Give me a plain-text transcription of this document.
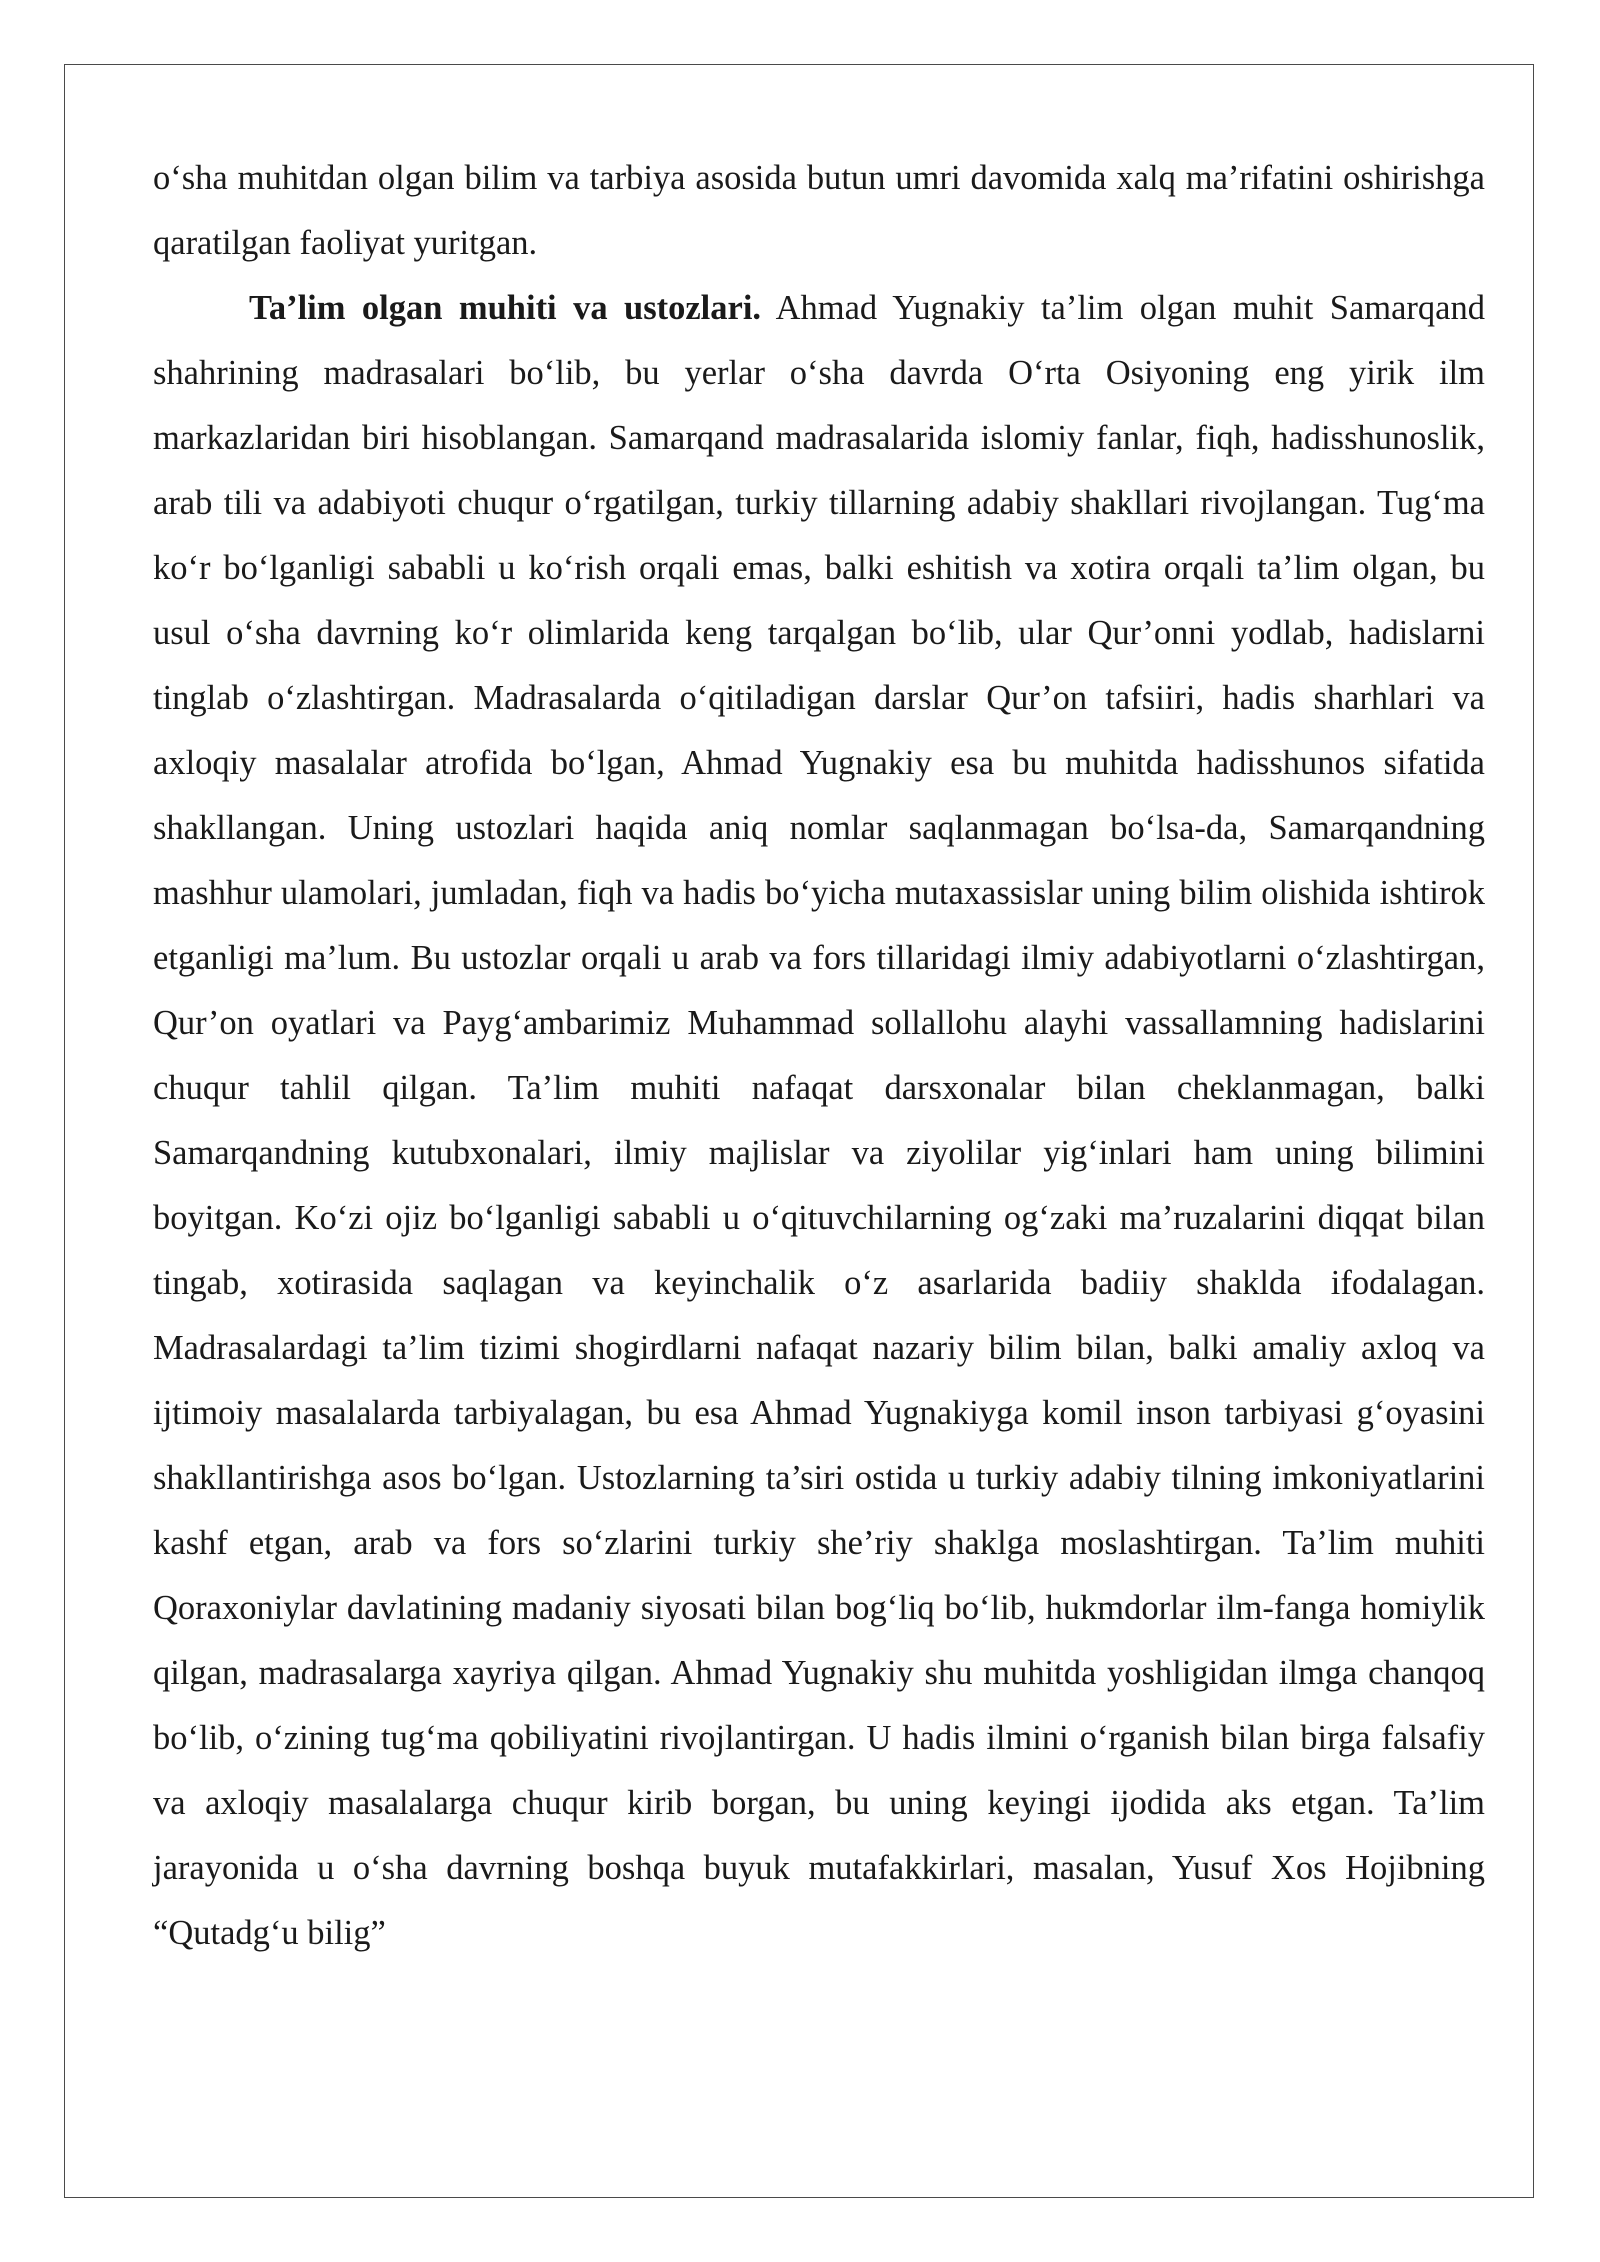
o‘sha muhitdan olgan bilim va tarbiya asosida butun umri davomida xalq ma’rifatini oshirishga qaratilgan faoliyat yuritgan.

Ta’lim olgan muhiti va ustozlari. Ahmad Yugnakiy ta’lim olgan muhit Samarqand shahrining madrasalari bo‘lib, bu yerlar o‘sha davrda O‘rta Osiyoning eng yirik ilm markazlaridan biri hisoblangan. Samarqand madrasalarida islomiy fanlar, fiqh, hadisshunoslik, arab tili va adabiyoti chuqur o‘rgatilgan, turkiy tillarning adabiy shakllari rivojlangan. Tug‘ma ko‘r bo‘lganligi sababli u ko‘rish orqali emas, balki eshitish va xotira orqali ta’lim olgan, bu usul o‘sha davrning ko‘r olimlarida keng tarqalgan bo‘lib, ular Qur’onni yodlab, hadislarni tinglab o‘zlashtirgan. Madrasalarda o‘qitiladigan darslar Qur’on tafsiiri, hadis sharhlari va axloqiy masalalar atrofida bo‘lgan, Ahmad Yugnakiy esa bu muhitda hadisshunos sifatida shakllangan. Uning ustozlari haqida aniq nomlar saqlanmagan bo‘lsa-da, Samarqandning mashhur ulamolari, jumladan, fiqh va hadis bo‘yicha mutaxassislar uning bilim olishida ishtirok etganligi ma’lum. Bu ustozlar orqali u arab va fors tillaridagi ilmiy adabiyotlarni o‘zlashtirgan, Qur’on oyatlari va Payg‘ambarimiz Muhammad sollallohu alayhi vassallamning hadislarini chuqur tahlil qilgan. Ta’lim muhiti nafaqat darsxonalar bilan cheklanmagan, balki Samarqandning kutubxonalari, ilmiy majlislar va ziyolilar yig‘inlari ham uning bilimini boyitgan. Ko‘zi ojiz bo‘lganligi sababli u o‘qituvchilarning og‘zaki ma’ruzalarini diqqat bilan tingab, xotirasida saqlagan va keyinchalik o‘z asarlarida badiiy shaklda ifodalagan. Madrasalardagi ta’lim tizimi shogirdlarni nafaqat nazariy bilim bilan, balki amaliy axloq va ijtimoiy masalalarda tarbiyalagan, bu esa Ahmad Yugnakiyga komil inson tarbiyasi g‘oyasini shakllantirishga asos bo‘lgan. Ustozlarning ta’siri ostida u turkiy adabiy tilning imkoniyatlarini kashf etgan, arab va fors so‘zlarini turkiy she’riy shaklga moslashtirgan. Ta’lim muhiti Qoraxoniylar davlatining madaniy siyosati bilan bog‘liq bo‘lib, hukmdorlar ilm-fanga homiylik qilgan, madrasalarga xayriya qilgan. Ahmad Yugnakiy shu muhitda yoshligidan ilmga chanqoq bo‘lib, o‘zining tug‘ma qobiliyatini rivojlantirgan. U hadis ilmini o‘rganish bilan birga falsafiy va axloqiy masalalarga chuqur kirib borgan, bu uning keyingi ijodida aks etgan. Ta’lim jarayonida u o‘sha davrning boshqa buyuk mutafakkirlari, masalan, Yusuf Xos Hojibning “Qutadg‘u bilig”
